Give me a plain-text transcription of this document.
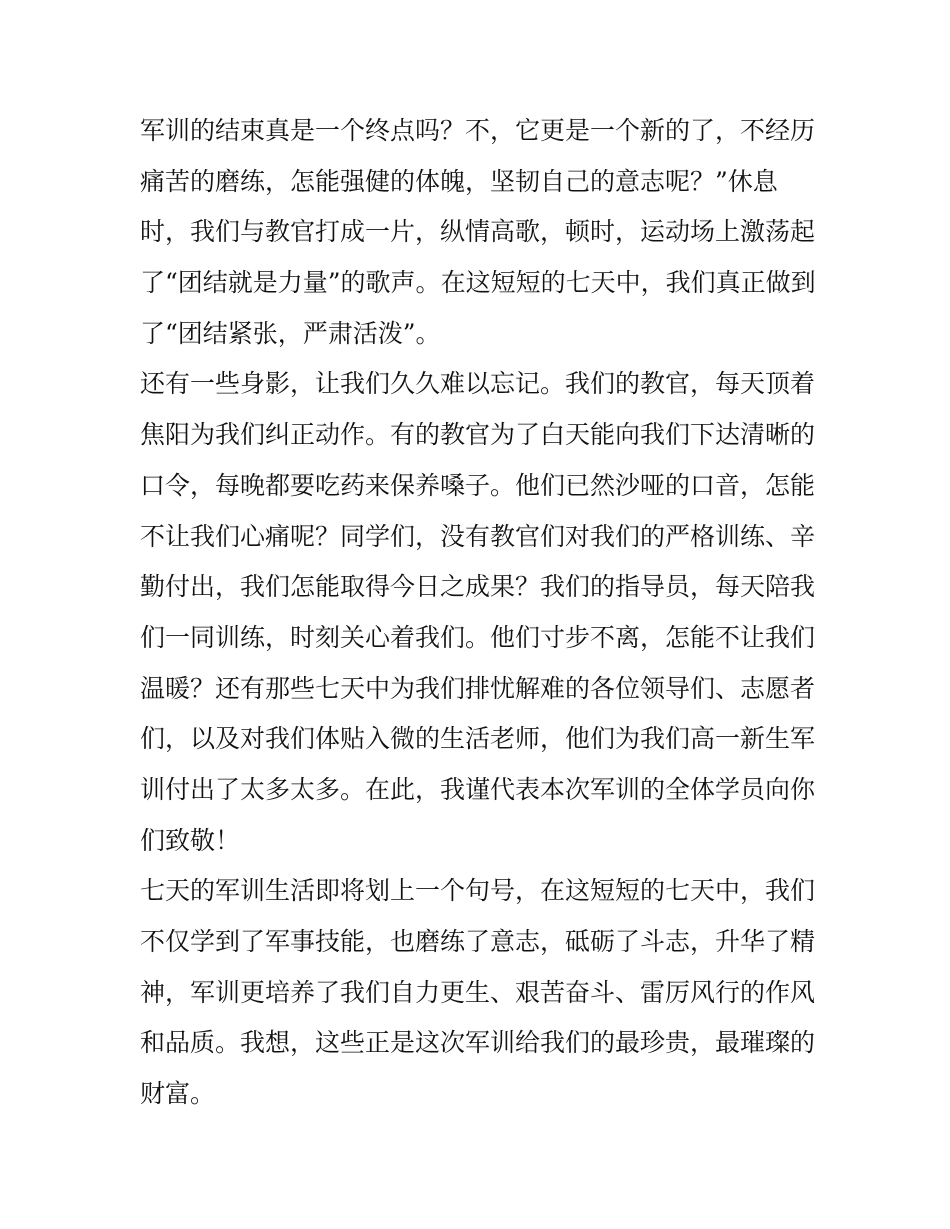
军训的结束真是一个终点吗？不，它更是一个新的了，不经历
痛苦的磨练，怎能强健的体魄，坚韧自己的意志呢？”休息
时，我们与教官打成一片，纵情高歌，顿时，运动场上激荡起
了“团结就是力量”的歌声。在这短短的七天中，我们真正做到
了“团结紧张，严肃活泼”。
还有一些身影，让我们久久难以忘记。我们的教官，每天顶着
焦阳为我们纠正动作。有的教官为了白天能向我们下达清晰的
口令，每晚都要吃药来保养嗓子。他们已然沙哑的口音，怎能
不让我们心痛呢？同学们，没有教官们对我们的严格训练、辛
勤付出，我们怎能取得今日之成果？我们的指导员，每天陪我
们一同训练，时刻关心着我们。他们寸步不离，怎能不让我们
温暖？还有那些七天中为我们排忧解难的各位领导们、志愿者
们，以及对我们体贴入微的生活老师，他们为我们高一新生军
训付出了太多太多。在此，我谨代表本次军训的全体学员向你
们致敬！
七天的军训生活即将划上一个句号，在这短短的七天中，我们
不仅学到了军事技能，也磨练了意志，砥砺了斗志，升华了精
神，军训更培养了我们自力更生、艰苦奋斗、雷厉风行的作风
和品质。我想，这些正是这次军训给我们的最珍贵，最璀璨的
财富。
